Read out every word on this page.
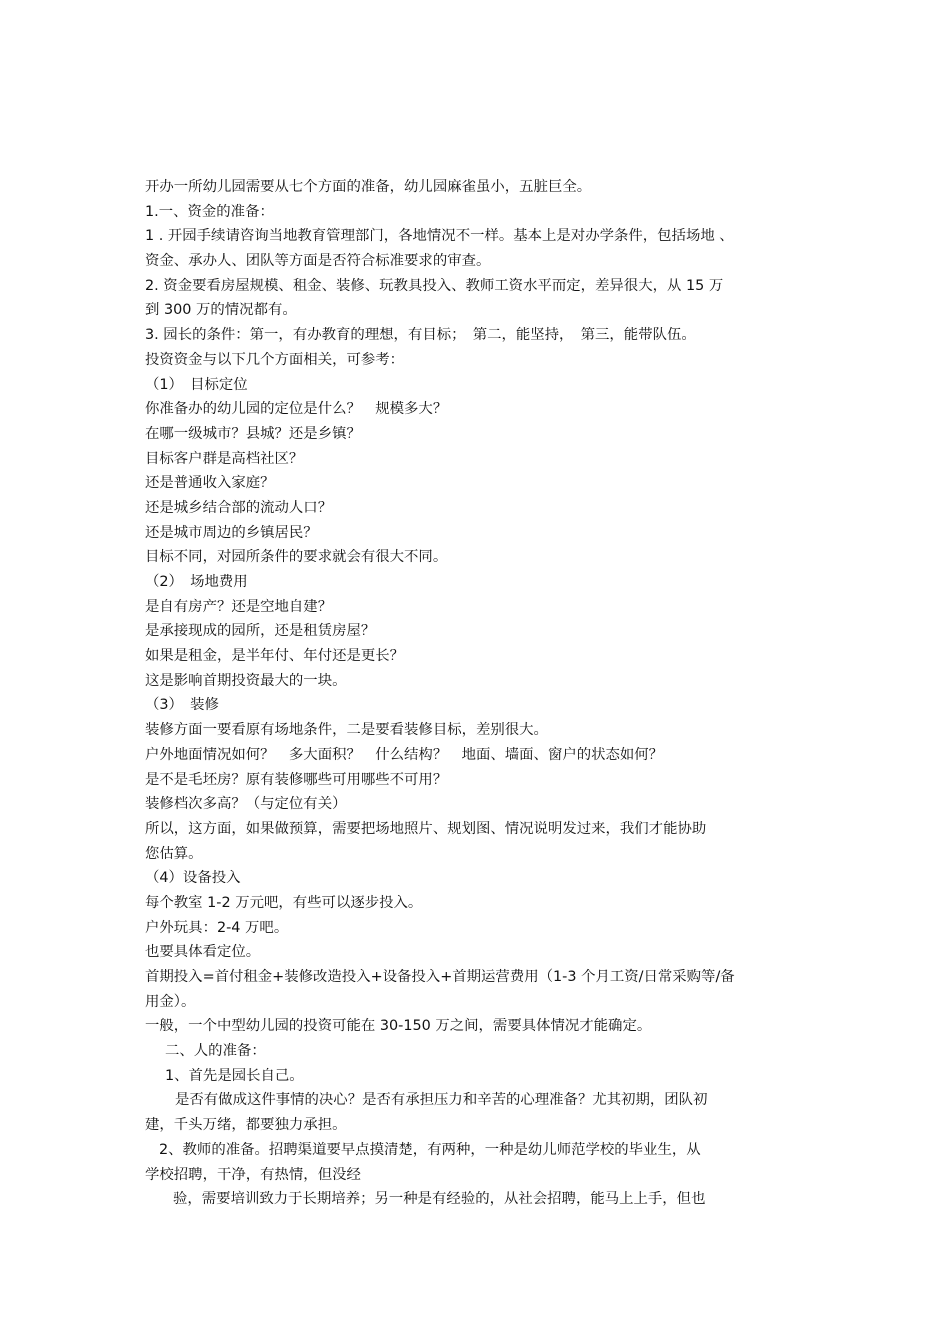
开办一所幼儿园需要从七个方面的准备，幼儿园麻雀虽小，五脏巨全。
1.一、资金的准备：
1 . 开园手续请咨询当地教育管理部门，各地情况不一样。基本上是对办学条件，包括场地 、
资金、承办人、团队等方面是否符合标准要求的审查。
2. 资金要看房屋规模、租金、装修、玩教具投入、教师工资水平而定，差异很大，从 15 万
到 300 万的情况都有。
3. 园长的条件：第一，有办教育的理想，有目标；　第二，能坚持，　第三，能带队伍。
投资资金与以下几个方面相关，可参考：
（1）　目标定位
你准备办的幼儿园的定位是什么？　规模多大？
在哪一级城市？县城？还是乡镇？
目标客户群是高档社区？
还是普通收入家庭？
还是城乡结合部的流动人口？
还是城市周边的乡镇居民？
目标不同，对园所条件的要求就会有很大不同。
（2）　场地费用
是自有房产？还是空地自建？
是承接现成的园所，还是租赁房屋？
如果是租金，是半年付、年付还是更长？
这是影响首期投资最大的一块。
（3）　装修
装修方面一要看原有场地条件，二是要看装修目标，差别很大。
户外地面情况如何？　多大面积？　什么结构？　地面、墙面、窗户的状态如何？
是不是毛坯房？原有装修哪些可用哪些不可用？
装修档次多高？（与定位有关）
所以，这方面，如果做预算，需要把场地照片、规划图、情况说明发过来，我们才能协助
您估算。
（4）设备投入
每个教室 1-2 万元吧，有些可以逐步投入。
户外玩具：2-4 万吧。
也要具体看定位。
首期投入=首付租金+装修改造投入+设备投入+首期运营费用（1-3 个月工资/日常采购等/备
用金）。
一般，一个中型幼儿园的投资可能在 30-150 万之间，需要具体情况才能确定。
二、人的准备：
1、首先是园长自己。
是否有做成这件事情的决心？是否有承担压力和辛苦的心理准备？尤其初期，团队初
建，千头万绪，都要独力承担。
2、教师的准备。招聘渠道要早点摸清楚，有两种，一种是幼儿师范学校的毕业生，从
学校招聘，干净，有热情，但没经
验，需要培训致力于长期培养；另一种是有经验的，从社会招聘，能马上上手，但也
